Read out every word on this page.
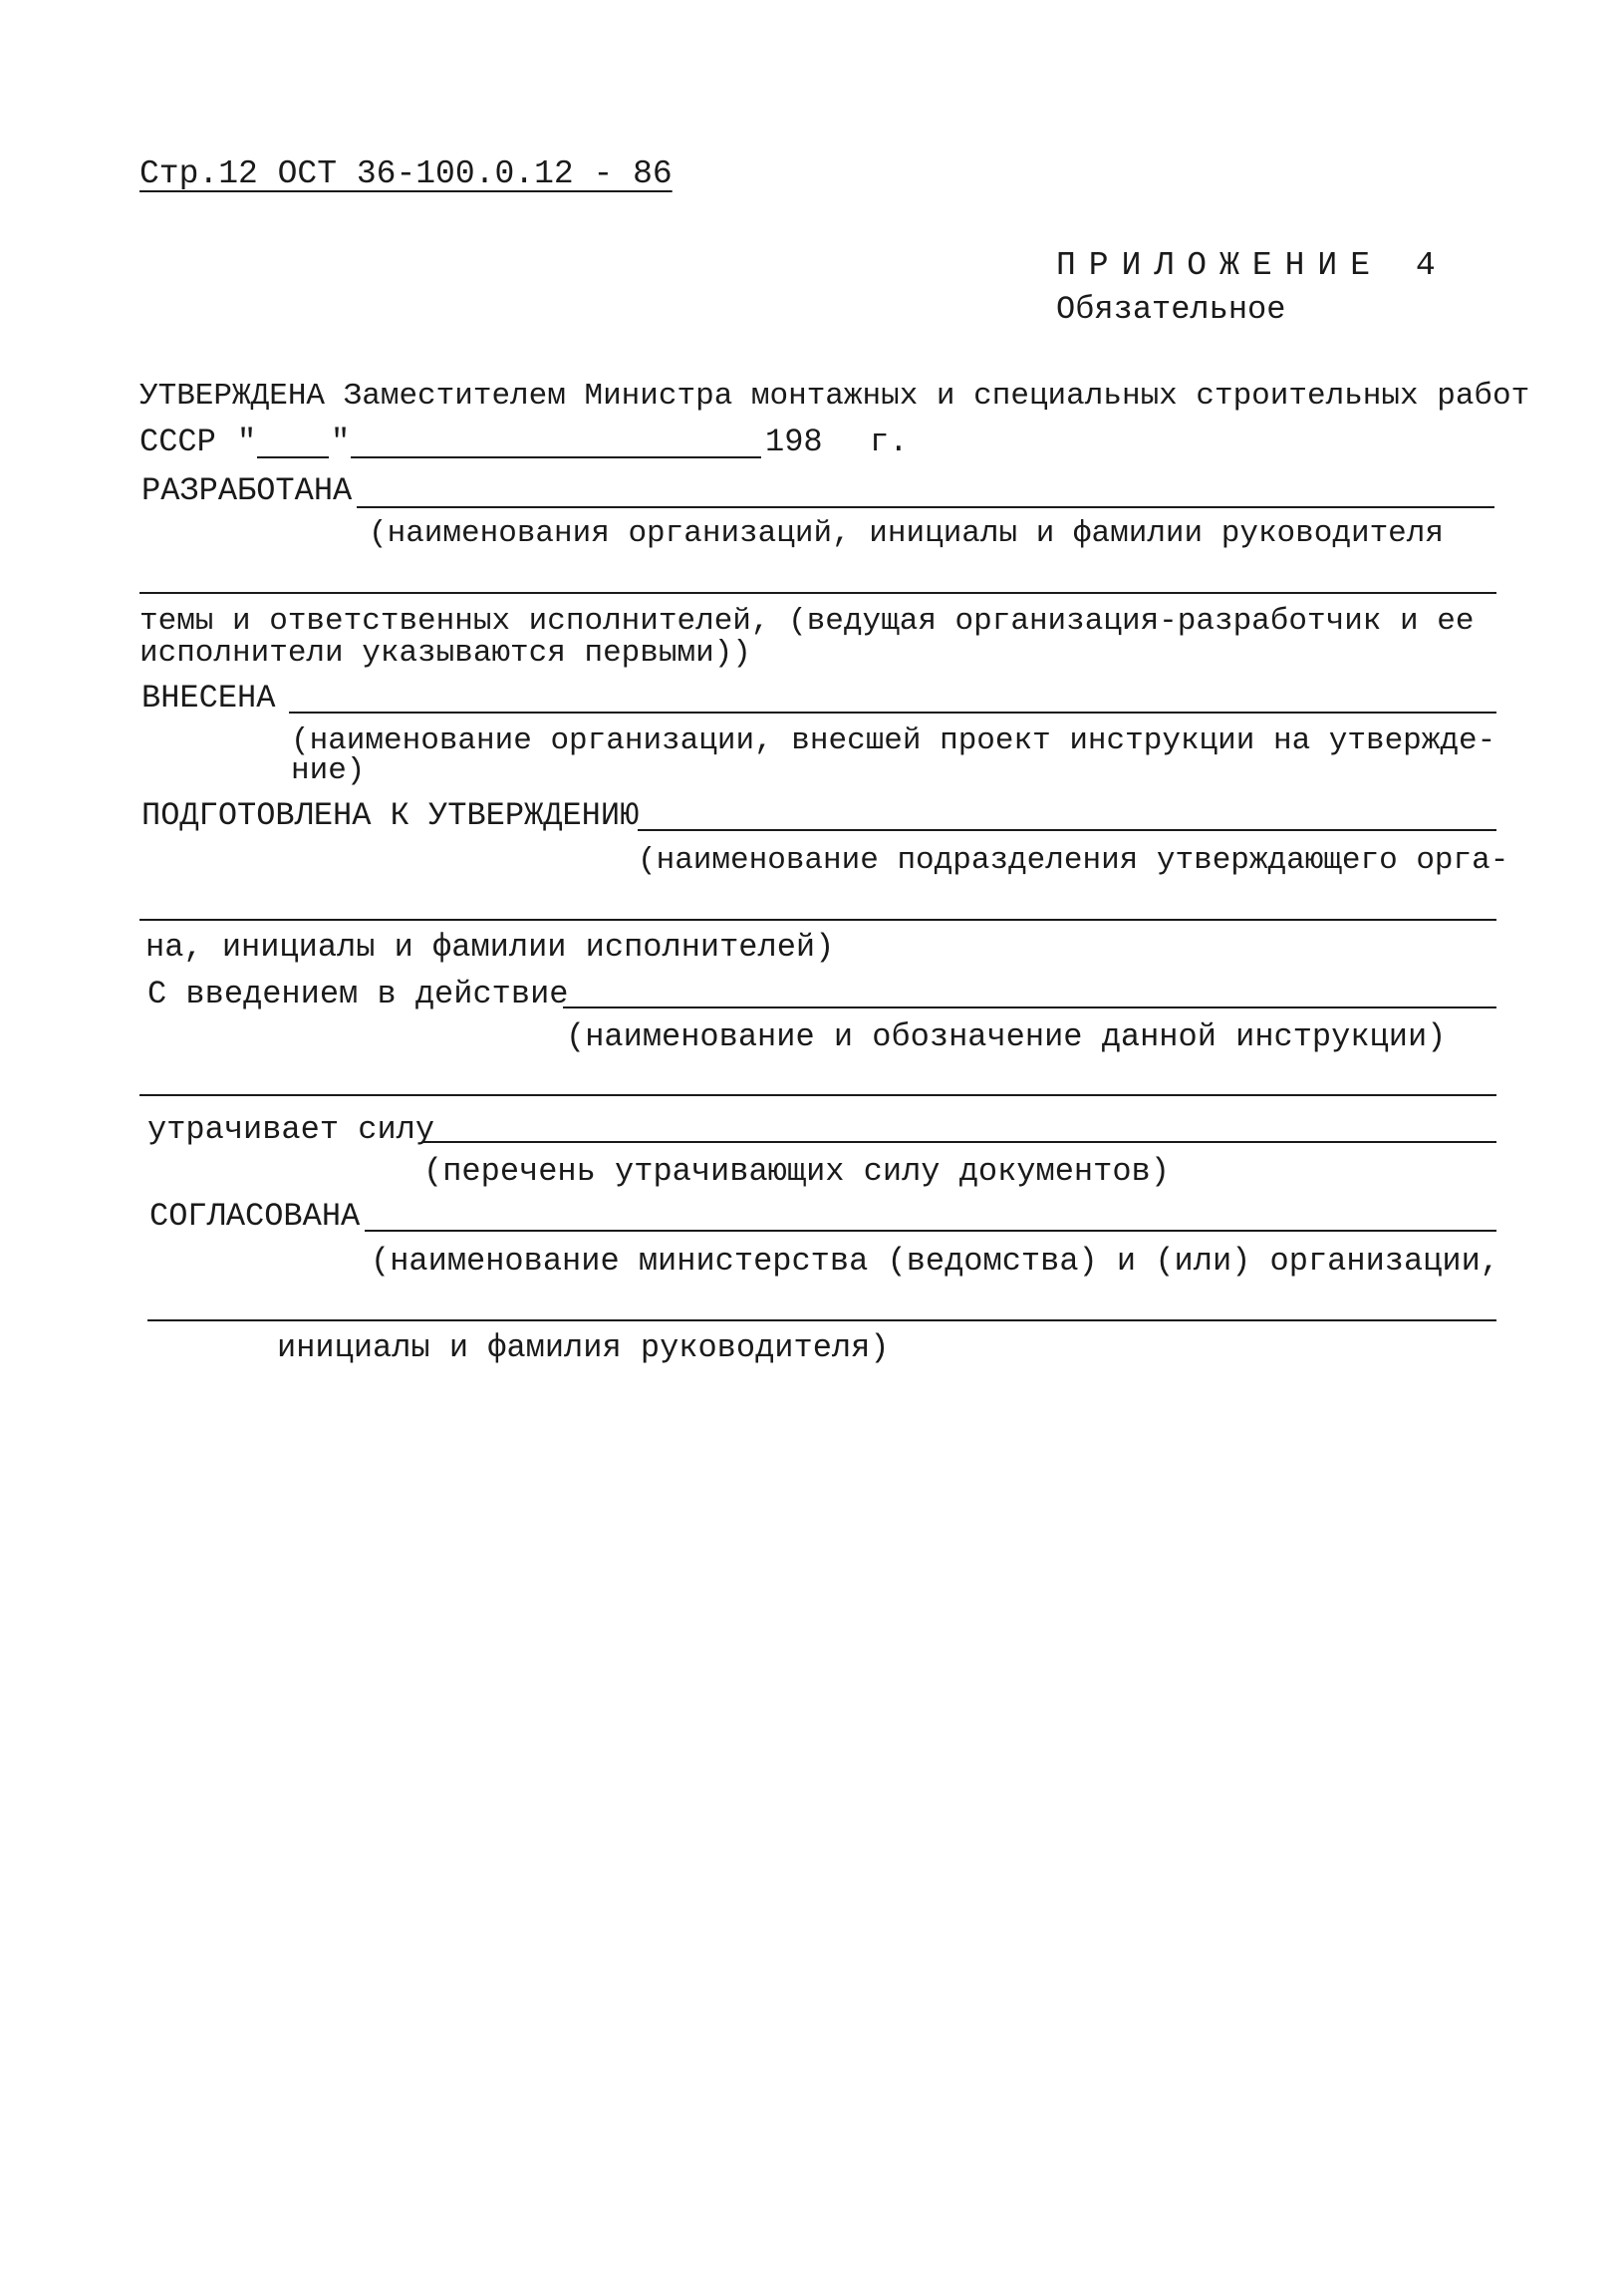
Стр.12 ОСТ 36-100.0.12 - 86
ПРИЛОЖЕНИЕ 4
Обязательное
УТВЕРЖДЕНА Заместителем Министра монтажных и специальных строительных работ
СССР " "	198 г.
РАЗРАБОТАНА
(наименования организаций, инициалы и фамилии руководителя
темы и ответственных исполнителей, (ведущая организация-разработчик и ее
исполнители указываются первыми))
ВНЕСЕНА
(наименование организации, внесшей проект инструкции на утвержде-
ние)
ПОДГОТОВЛЕНА К УТВЕРЖДЕНИЮ
(наименование подразделения утверждающего орга-
на, инициалы и фамилии исполнителей)
С введением в действие
(наименование и обозначение данной инструкции)
утрачивает силу
(перечень утрачивающих силу документов)
СОГЛАСОВАНА
(наименование министерства (ведомства) и (или) организации,
инициалы и фамилия руководителя)
